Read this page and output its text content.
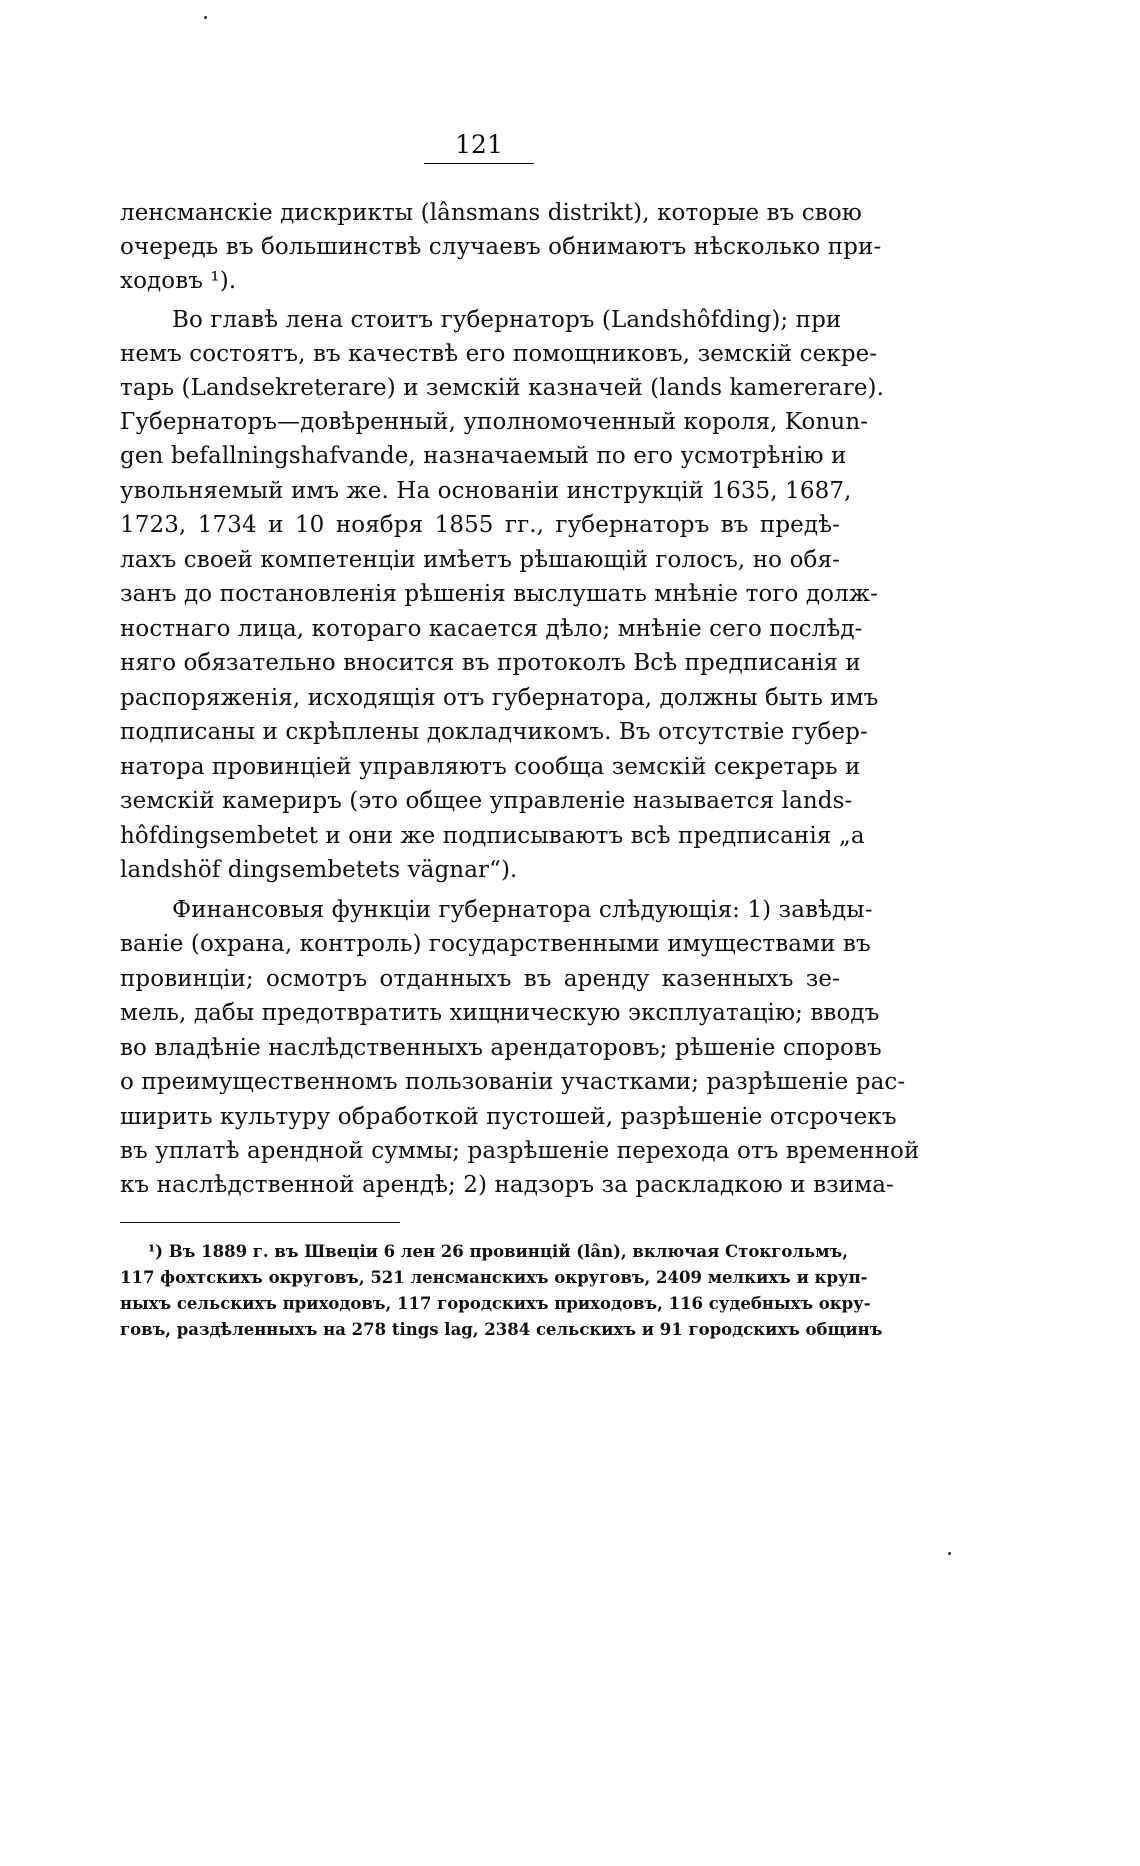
121
ленсманскіе дискрикты (lânsmans distrikt), которые въ свою
очередь въ большинствѣ случаевъ обнимаютъ нѣсколько при-
ходовъ ¹).
Во главѣ лена стоитъ губернаторъ (Landshôfding); при
немъ состоятъ, въ качествѣ его помощниковъ, земскій секре-
тарь (Landsekreterare) и земскій казначей (lands kamererare).
Губернаторъ—довѣренный, уполномоченный короля, Konun-
gen befallningshafvande, назначаемый по его усмотрѣнію и
увольняемый имъ же. На основаніи инструкцій 1635, 1687,
1723, 1734 и 10 ноября 1855 гг., губернаторъ въ предѣ-
лахъ своей компетенціи имѣетъ рѣшающій голосъ, но обя-
занъ до постановленія рѣшенія выслушать мнѣніе того долж-
ностнаго лица, котораго касается дѣло; мнѣніе сего послѣд-
няго обязательно вносится въ протоколъ Всѣ предписанія и
распоряженія, исходящія отъ губернатора, должны быть имъ
подписаны и скрѣплены докладчикомъ. Въ отсутствіе губер-
натора провинціей управляютъ сообща земскій секретарь и
земскій камериръ (это общее управленіе называется lands-
hôfdingsembetet и они же подписываютъ всѣ предписанія „a
landshöf dingsembetets vägnar“).
Финансовыя функціи губернатора слѣдующія: 1) завѣды-
ваніе (охрана, контроль) государственными имуществами въ
провинціи; осмотръ отданныхъ въ аренду казенныхъ зе-
мель, дабы предотвратить хищническую эксплуатацію; вводъ
во владѣніе наслѣдственныхъ арендаторовъ; рѣшеніе споровъ
о преимущественномъ пользованіи участками; разрѣшеніе рас-
ширить культуру обработкой пустошей, разрѣшеніе отсрочекъ
въ уплатѣ арендной суммы; разрѣшеніе перехода отъ временной
къ наслѣдственной арендѣ; 2) надзоръ за раскладкою и взима-
¹) Въ 1889 г. въ Швеціи 6 лен 26 провинцій (lân), включая Стокгольмъ,
117 фохтскихъ округовъ, 521 ленсманскихъ округовъ, 2409 мелкихъ и круп-
ныхъ сельскихъ приходовъ, 117 городскихъ приходовъ, 116 судебныхъ окру-
говъ, раздѣленныхъ на 278 tings lag, 2384 сельскихъ и 91 городскихъ общинъ
